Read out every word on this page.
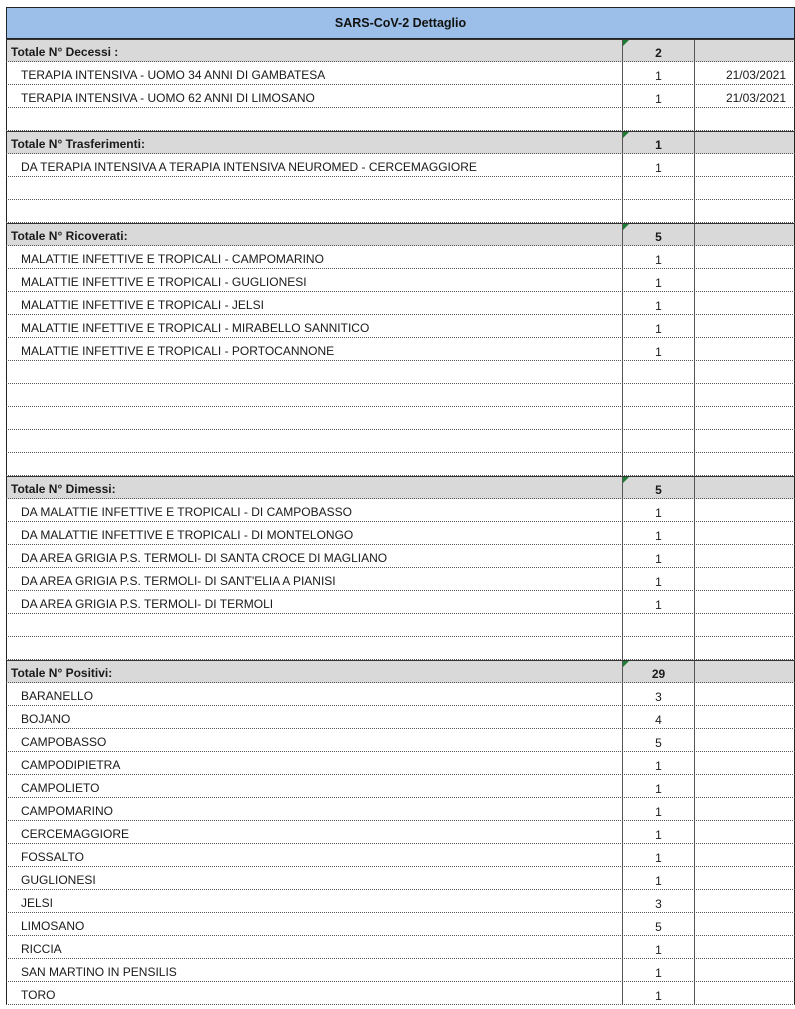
SARS-CoV-2 Dettaglio
Totale N° Decessi :	2
TERAPIA INTENSIVA - UOMO 34 ANNI DI GAMBATESA	1	21/03/2021
TERAPIA INTENSIVA - UOMO 62 ANNI DI LIMOSANO	1	21/03/2021
Totale N° Trasferimenti:	1
DA TERAPIA INTENSIVA A TERAPIA INTENSIVA NEUROMED - CERCEMAGGIORE	1
Totale N° Ricoverati:	5
MALATTIE INFETTIVE E TROPICALI - CAMPOMARINO	1
MALATTIE INFETTIVE E TROPICALI - GUGLIONESI	1
MALATTIE INFETTIVE E TROPICALI - JELSI	1
MALATTIE INFETTIVE E TROPICALI - MIRABELLO SANNITICO	1
MALATTIE INFETTIVE E TROPICALI - PORTOCANNONE	1
Totale N° Dimessi:	5
DA MALATTIE INFETTIVE E TROPICALI - DI CAMPOBASSO	1
DA MALATTIE INFETTIVE E TROPICALI - DI MONTELONGO	1
DA AREA GRIGIA P.S. TERMOLI- DI SANTA CROCE DI MAGLIANO	1
DA AREA GRIGIA P.S. TERMOLI- DI SANT'ELIA A PIANISI	1
DA AREA GRIGIA P.S. TERMOLI- DI TERMOLI	1
Totale N° Positivi:	29
BARANELLO	3
BOJANO	4
CAMPOBASSO	5
CAMPODIPIETRA	1
CAMPOLIETO	1
CAMPOMARINO	1
CERCEMAGGIORE	1
FOSSALTO	1
GUGLIONESI	1
JELSI	3
LIMOSANO	5
RICCIA	1
SAN MARTINO IN PENSILIS	1
TORO	1
